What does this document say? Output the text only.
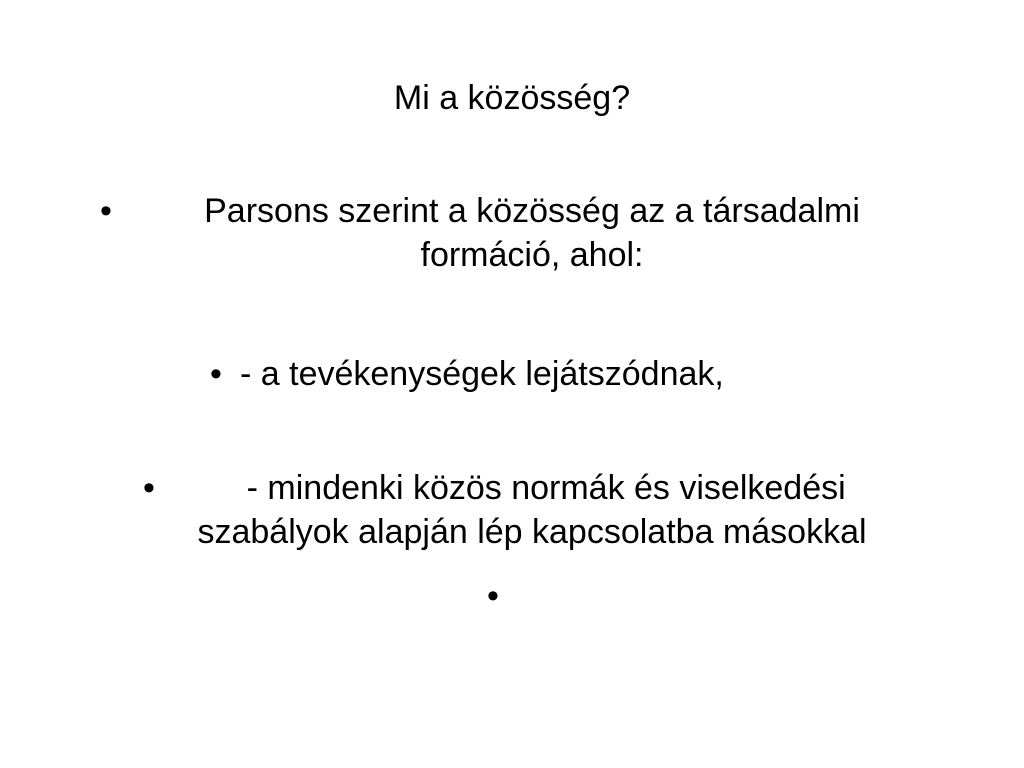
Mi a közösség?
•	Parsons szerint a közösség az a társadalmi
formáció, ahol:
• - a tevékenységek lejátszódnak,
•	- mindenki közös normák és viselkedési
szabályok alapján lép kapcsolatba másokkal
•
